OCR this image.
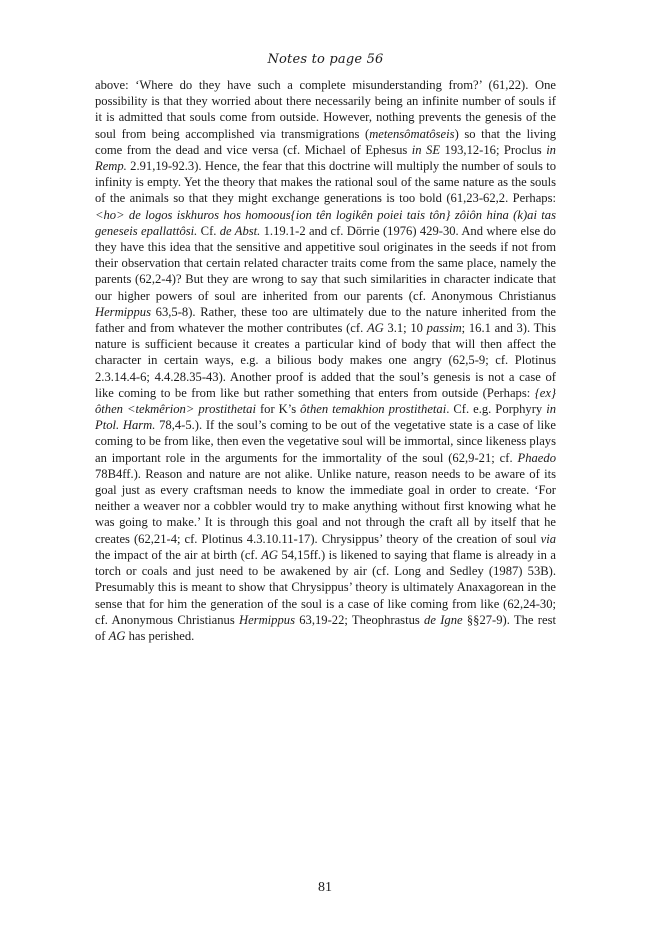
Notes to page 56

above: ‘Where do they have such a complete misunderstanding from?’ (61,22). One possibility is that they worried about there necessarily being an infinite number of souls if it is admitted that souls come from outside. However, nothing prevents the genesis of the soul from being accomplished via transmigrations (metensômatôseis) so that the living come from the dead and vice versa (cf. Michael of Ephesus in SE 193,12-16; Proclus in Remp. 2.91,19-92.3). Hence, the fear that this doctrine will multiply the number of souls to infinity is empty. Yet the theory that makes the rational soul of the same nature as the souls of the animals so that they might exchange generations is too bold (61,23-62,2. Perhaps: <ho> de logos iskhuros hos homoous{ion tên logikên poiei tais tôn} zôiôn hina (k)ai tas geneseis epallattôsi. Cf. de Abst. 1.19.1-2 and cf. Dörrie (1976) 429-30. And where else do they have this idea that the sensitive and appetitive soul originates in the seeds if not from their observation that certain related character traits come from the same place, namely the parents (62,2-4)? But they are wrong to say that such similarities in character indicate that our higher powers of soul are inherited from our parents (cf. Anonymous Christianus Hermippus 63,5-8). Rather, these too are ultimately due to the nature inherited from the father and from whatever the mother contributes (cf. AG 3.1; 10 passim; 16.1 and 3). This nature is sufficient because it creates a particular kind of body that will then affect the character in certain ways, e.g. a bilious body makes one angry (62,5-9; cf. Plotinus 2.3.14.4-6; 4.4.28.35-43). Another proof is added that the soul’s genesis is not a case of like coming to be from like but rather something that enters from outside (Perhaps: {ex}ôthen <tekmêrion> prostithetai for K’s ôthen temakhion prostithetai. Cf. e.g. Porphyry in Ptol. Harm. 78,4-5.). If the soul’s coming to be out of the vegetative state is a case of like coming to be from like, then even the vegetative soul will be immortal, since likeness plays an important role in the arguments for the immortality of the soul (62,9-21; cf. Phaedo 78B4ff.). Reason and nature are not alike. Unlike nature, reason needs to be aware of its goal just as every craftsman needs to know the immediate goal in order to create. ‘For neither a weaver nor a cobbler would try to make anything without first knowing what he was going to make.’ It is through this goal and not through the craft all by itself that he creates (62,21-4; cf. Plotinus 4.3.10.11-17). Chrysippus’ theory of the creation of soul via the impact of the air at birth (cf. AG 54,15ff.) is likened to saying that flame is already in a torch or coals and just need to be awakened by air (cf. Long and Sedley (1987) 53B). Presumably this is meant to show that Chrysippus’ theory is ultimately Anaxagorean in the sense that for him the generation of the soul is a case of like coming from like (62,24-30; cf. Anonymous Christianus Hermippus 63,19-22; Theophrastus de Igne §§27-9). The rest of AG has perished.

81
